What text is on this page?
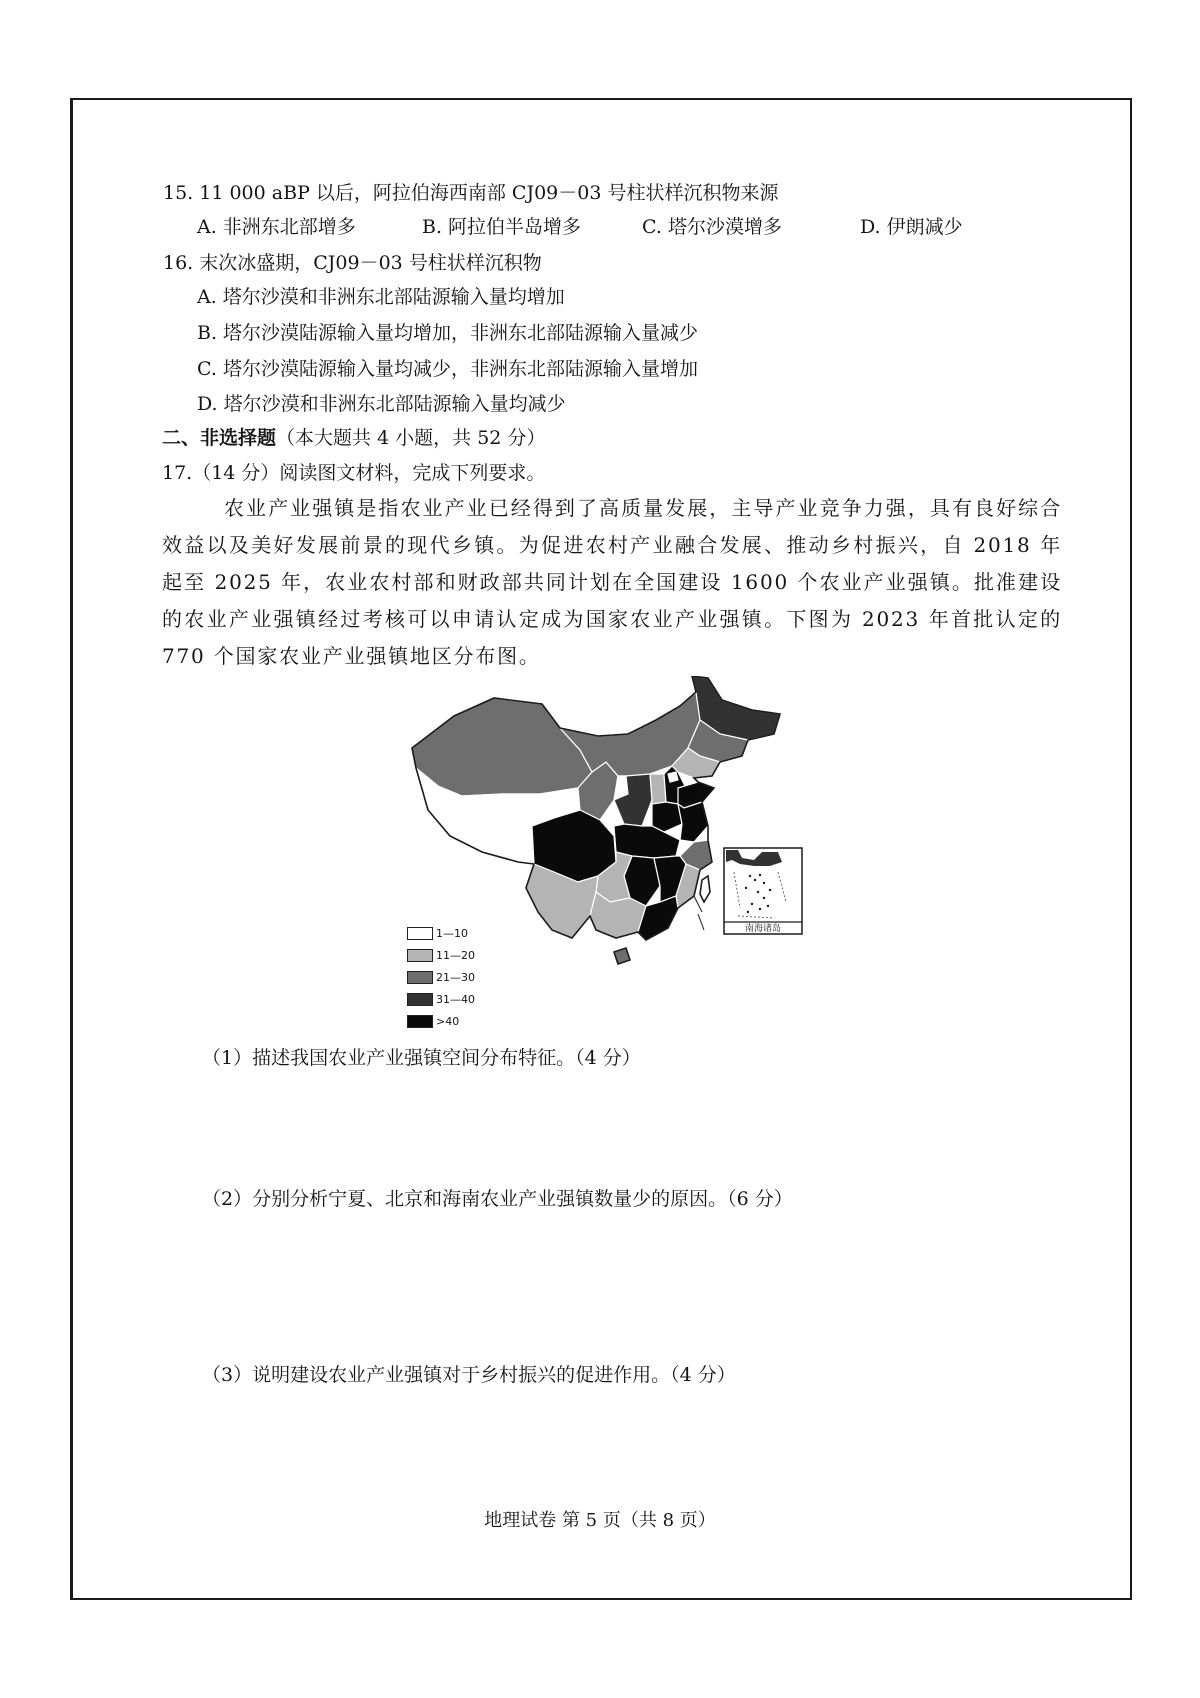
15. 11 000 aBP 以后，阿拉伯海西南部 CJ09－03 号柱状样沉积物来源
A. 非洲东北部增多	B. 阿拉伯半岛增多	C. 塔尔沙漠增多	D. 伊朗减少
16. 末次冰盛期，CJ09－03 号柱状样沉积物
A. 塔尔沙漠和非洲东北部陆源输入量均增加
B. 塔尔沙漠陆源输入量均增加，非洲东北部陆源输入量减少
C. 塔尔沙漠陆源输入量均减少，非洲东北部陆源输入量增加
D. 塔尔沙漠和非洲东北部陆源输入量均减少
二、非选择题（本大题共 4 小题，共 52 分）
17.（14 分）阅读图文材料，完成下列要求。
农业产业强镇是指农业产业已经得到了高质量发展，主导产业竞争力强，具有良好综合效益以及美好发展前景的现代乡镇。为促进农村产业融合发展、推动乡村振兴，自 2018 年起至 2025 年，农业农村部和财政部共同计划在全国建设 1600 个农业产业强镇。批准建设的农业产业强镇经过考核可以申请认定成为国家农业产业强镇。下图为 2023 年首批认定的 770 个国家农业产业强镇地区分布图。
南海诸岛
1—10
11—20
21—30
31—40
>40
（1）描述我国农业产业强镇空间分布特征。（4 分）
（2）分别分析宁夏、北京和海南农业产业强镇数量少的原因。（6 分）
（3）说明建设农业产业强镇对于乡村振兴的促进作用。（4 分）
地理试卷 第 5 页（共 8 页）
